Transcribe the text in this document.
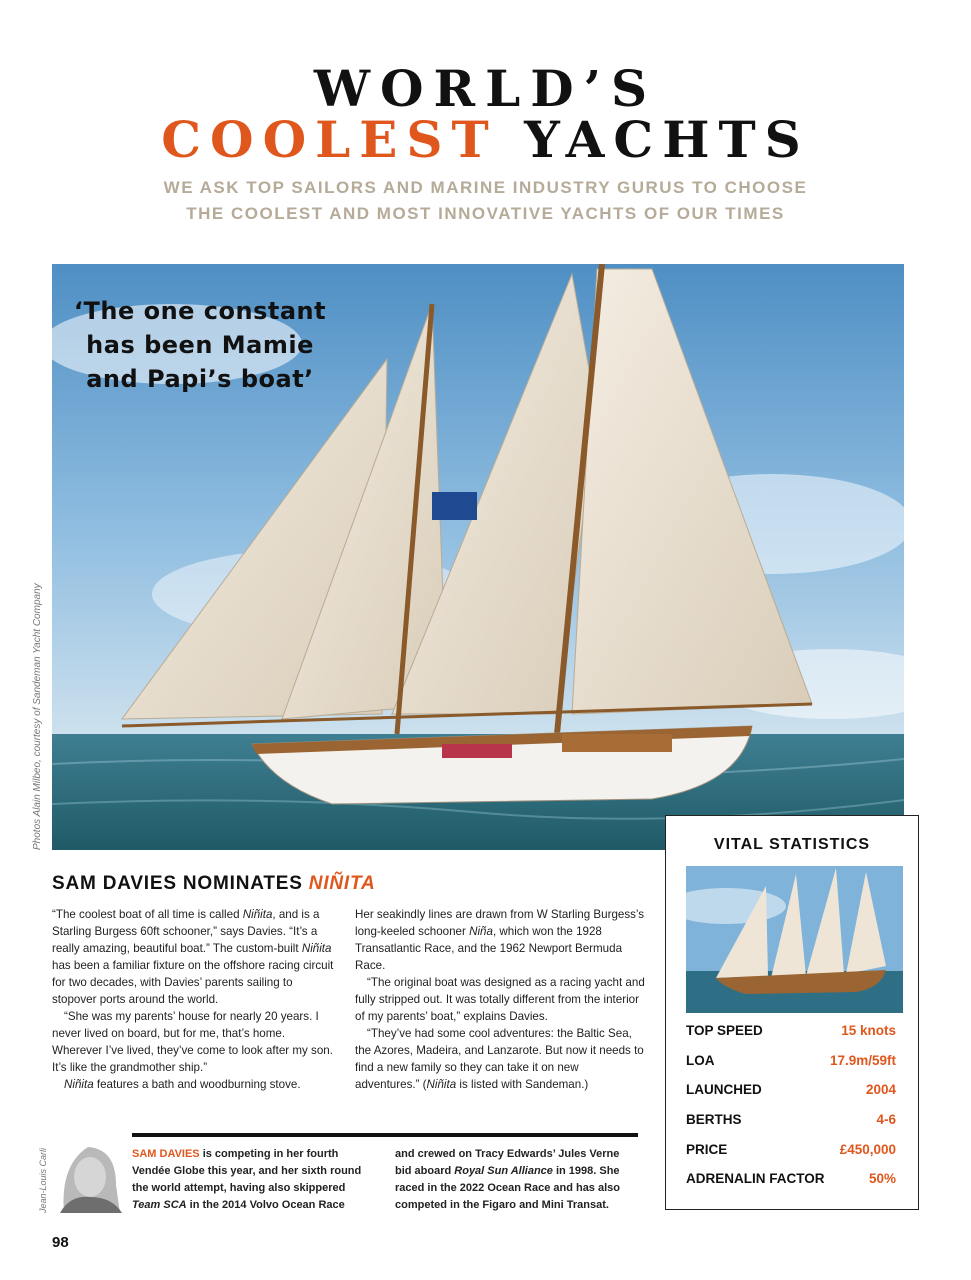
WORLD’S
COOLEST YACHTS
WE ASK TOP SAILORS AND MARINE INDUSTRY GURUS TO CHOOSE
THE COOLEST AND MOST INNOVATIVE YACHTS OF OUR TIMES
‘The one constant
has been Mamie
and Papi’s boat’
Photos Alain Milbeo, courtesy of Sandeman Yacht Company	VITAL STATISTICS
TOP SPEED	15 knots
LOA	17.9m/59ft
LAUNCHED	2004
BERTHS	4-6
PRICE	£450,000
ADRENALIN FACTOR	50%
SAM DAVIES NOMINATES NIÑITA

“The coolest boat of all time is called Niñita, and is a Starling Burgess 60ft schooner,” says Davies. “It’s a really amazing, beautiful boat.” The custom-built Niñita has been a familiar fixture on the offshore racing circuit for two decades, with Davies’ parents sailing to stopover ports around the world.

“She was my parents’ house for nearly 20 years. I never lived on board, but for me, that’s home. Wherever I’ve lived, they’ve come to look after my son. It’s like the grandmother ship.”

Niñita features a bath and woodburning stove.

Her seakindly lines are drawn from W Starling Burgess’s long-keeled schooner Niña, which won the 1928 Transatlantic Race, and the 1962 Newport Bermuda Race.

“The original boat was designed as a racing yacht and fully stripped out. It was totally different from the interior of my parents’ boat,” explains Davies.

“They’ve had some cool adventures: the Baltic Sea, the Azores, Madeira, and Lanzarote. But now it needs to find a new family so they can take it on new adventures.” (Niñita is listed with Sandeman.)

Jean-Louis Carli	SAM DAVIES is competing in her fourth Vendée Globe this year, and her sixth round the world attempt, having also skippered Team SCA in the 2014 Volvo Ocean Race
and crewed on Tracy Edwards’ Jules Verne bid aboard Royal Sun Alliance in 1998. She raced in the 2022 Ocean Race and has also competed in the Figaro and Mini Transat.
98
